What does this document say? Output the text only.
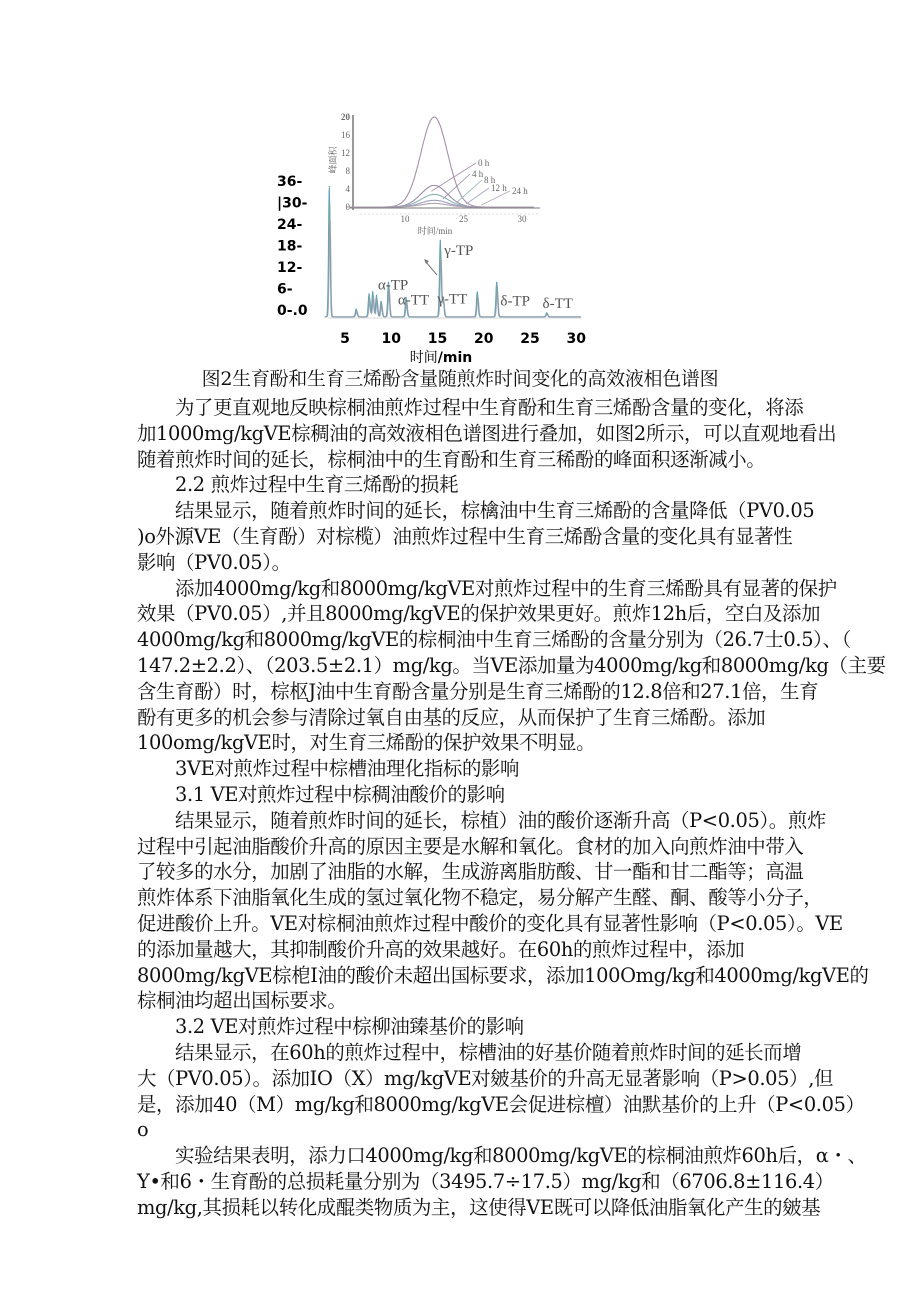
36-
|30-
24-
18-
12-
6-
0-.0
5 10 15 20 25 30
时间/min
α-TP
α-TT
γ-TP
γ-TT δ-TP δ-TT
0
4
8
12
16
20
10	25	30
时间/min
峰面积	0 h
4 h
8 h
12 h 24 h
图2生育酚和生育三烯酚含量随煎炸时间变化的高效液相色谱图
为了更直观地反映棕桐油煎炸过程中生育酚和生育三烯酚含量的变化，将添
加1000mg/kgVE棕稠油的高效液相色谱图进行叠加，如图2所示，可以直观地看出
随着煎炸时间的延长，棕桐油中的生育酚和生育三稀酚的峰面积逐渐减小。
2.2 煎炸过程中生育三烯酚的损耗
结果显示，随着煎炸时间的延长，棕檎油中生育三烯酚的含量降低（PV0.05
)o外源VE（生育酚）对棕榄）油煎炸过程中生育三烯酚含量的变化具有显著性
影响（PV0.05）。
添加4000mg/kg和8000mg/kgVE对煎炸过程中的生育三烯酚具有显著的保护
效果（PV0.05）,并且8000mg/kgVE的保护效果更好。煎炸12h后，空白及添加
4000mg/kg和8000mg/kgVE的棕桐油中生育三烯酚的含量分别为（26.7士0.5）、（
147.2±2.2）、（203.5±2.1）mg/kg。当VE添加量为4000mg/kg和8000mg/kg（主要
含生育酚）时，棕枢J油中生育酚含量分别是生育三烯酚的12.8倍和27.1倍，生育
酚有更多的机会参与清除过氧自由基的反应，从而保护了生育三烯酚。添加
100omg/kgVE时，对生育三烯酚的保护效果不明显。
3VE对煎炸过程中棕槽油理化指标的影响
3.1 VE对煎炸过程中棕稠油酸价的影响
结果显示，随着煎炸时间的延长，棕植）油的酸价逐渐升高（P<0.05）。煎炸
过程中引起油脂酸价升高的原因主要是水解和氧化。食材的加入向煎炸油中带入
了较多的水分，加剧了油脂的水解，生成游离脂肪酸、甘一酯和甘二酯等；高温
煎炸体系下油脂氧化生成的氢过氧化物不稳定，易分解产生醛、酮、酸等小分子，
促进酸价上升。VE对棕桐油煎炸过程中酸价的变化具有显著性影响（P<0.05）。VE
的添加量越大，其抑制酸价升高的效果越好。在60h的煎炸过程中，添加
8000mg/kgVE棕梎I油的酸价未超出国标要求，添加100Omg/kg和4000mg/kgVE的
棕桐油均超出国标要求。
3.2 VE对煎炸过程中棕柳油臻基价的影响
结果显示，在60h的煎炸过程中，棕槽油的好基价随着煎炸时间的延长而增
大（PV0.05）。添加IO（X）mg/kgVE对皴基价的升高无显著影响（P>0.05）,但
是，添加40（M）mg/kg和8000mg/kgVE会促进棕檀）油默基价的上升（P<0.05）
o
实验结果表明，添力口4000mg/kg和8000mg/kgVE的棕桐油煎炸60h后，α・、
Y•和6・生育酚的总损耗量分别为（3495.7÷17.5）mg/kg和（6706.8±116.4）
mg/kg,其损耗以转化成醌类物质为主，这使得VE既可以降低油脂氧化产生的皴基
